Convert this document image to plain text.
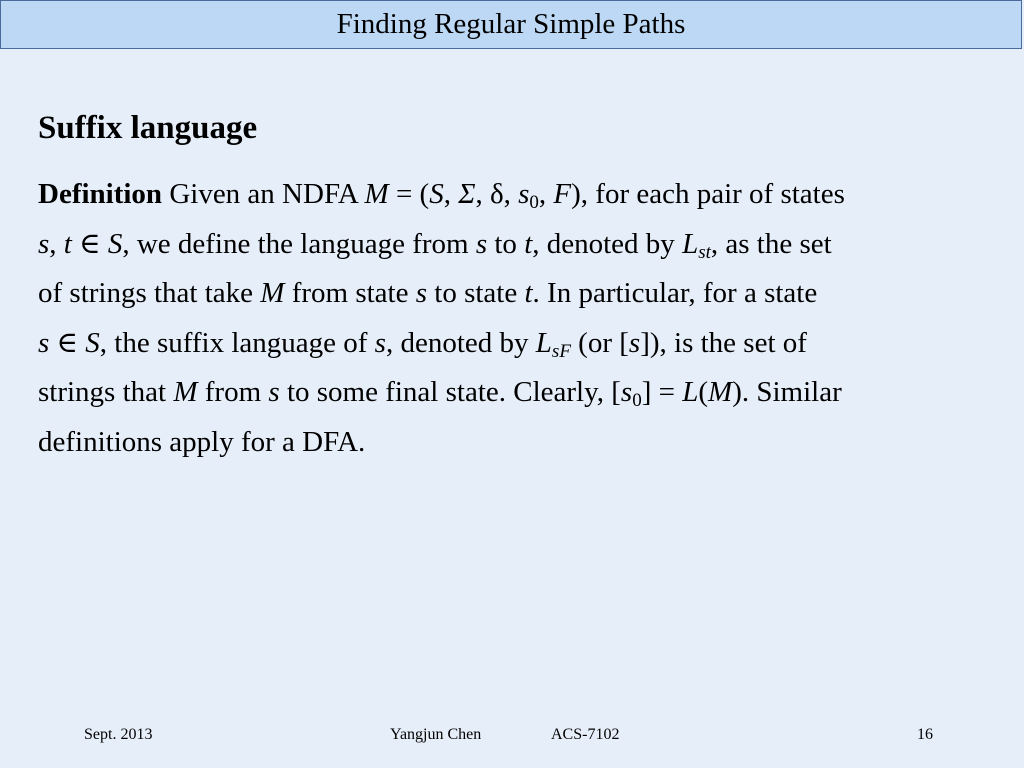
Finding Regular Simple Paths
Suffix language
Definition Given an NDFA M = (S, Σ, δ, $s_0$, F), for each pair of states
s, t ∈ S, we define the language from s to t, denoted by $L_{st}$, as the set
of strings that take M from state s to state t. In particular, for a state
s ∈ S, the suffix language of s, denoted by $L_{sF}$ (or [s]), is the set of
strings that M from s to some final state. Clearly, $[s_0] = L(M)$. Similar
definitions apply for a DFA.
Sept. 2013	Yangjun Chen	ACS-7102	16
